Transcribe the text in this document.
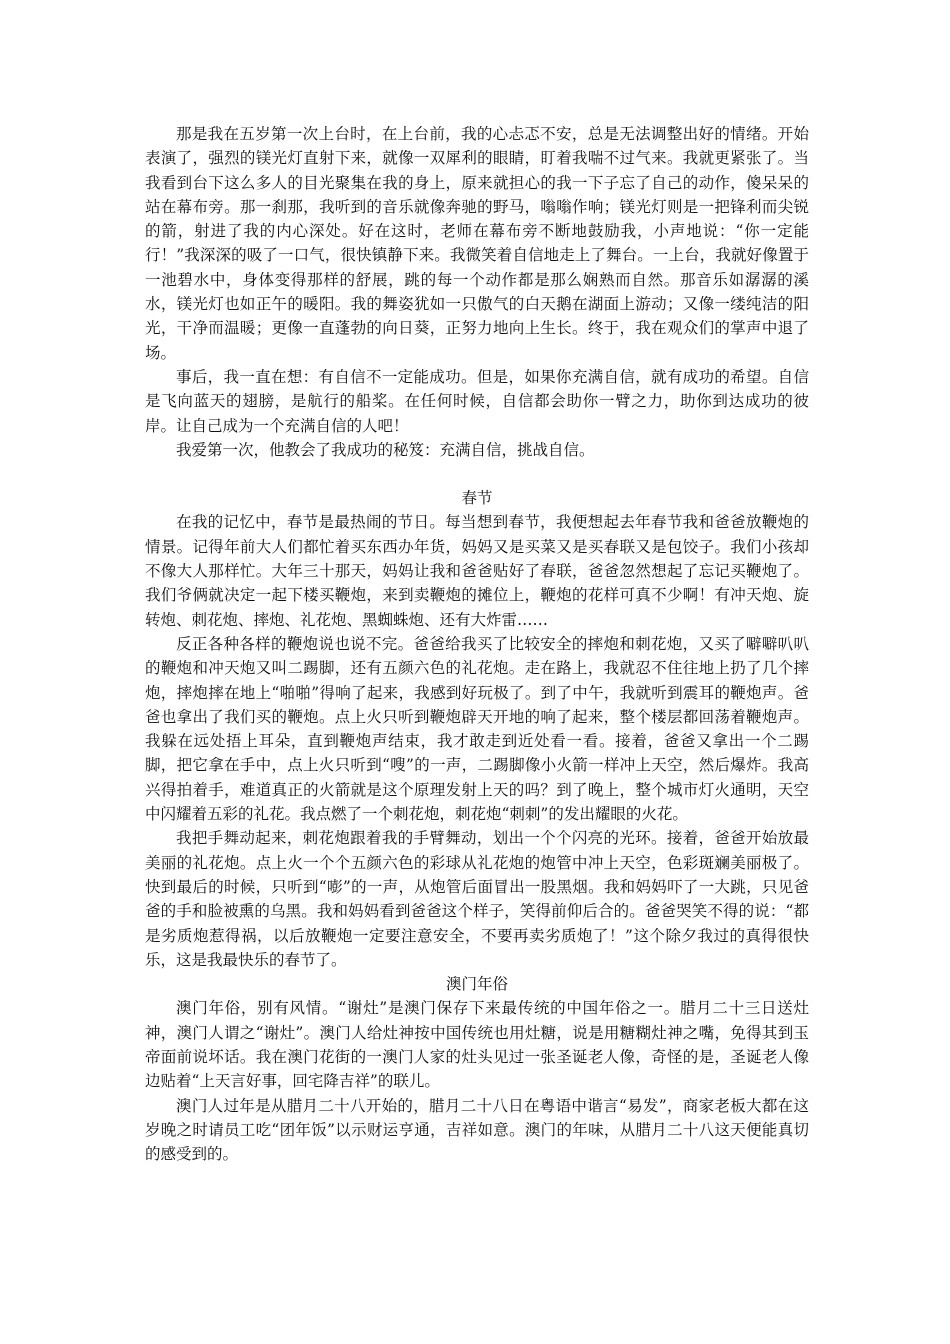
那是我在五岁第一次上台时，在上台前，我的心忐忑不安，总是无法调整出好的情绪。开始表演了，强烈的镁光灯直射下来，就像一双犀利的眼睛，盯着我喘不过气来。我就更紧张了。当我看到台下这么多人的目光聚集在我的身上，原来就担心的我一下子忘了自己的动作，傻呆呆的站在幕布旁。那一刹那，我听到的音乐就像奔驰的野马，嗡嗡作响；镁光灯则是一把锋利而尖锐的箭，射进了我的内心深处。好在这时，老师在幕布旁不断地鼓励我，小声地说：“你一定能行！”我深深的吸了一口气，很快镇静下来。我微笑着自信地走上了舞台。一上台，我就好像置于一池碧水中，身体变得那样的舒展，跳的每一个动作都是那么娴熟而自然。那音乐如潺潺的溪水，镁光灯也如正午的暖阳。我的舞姿犹如一只傲气的白天鹅在湖面上游动；又像一缕纯洁的阳光，干净而温暖；更像一直蓬勃的向日葵，正努力地向上生长。终于，我在观众们的掌声中退了场。

事后，我一直在想：有自信不一定能成功。但是，如果你充满自信，就有成功的希望。自信是飞向蓝天的翅膀，是航行的船桨。在任何时候，自信都会助你一臂之力，助你到达成功的彼岸。让自己成为一个充满自信的人吧！

我爱第一次，他教会了我成功的秘笈：充满自信，挑战自信。

春节

在我的记忆中，春节是最热闹的节日。每当想到春节，我便想起去年春节我和爸爸放鞭炮的情景。记得年前大人们都忙着买东西办年货，妈妈又是买菜又是买春联又是包饺子。我们小孩却不像大人那样忙。大年三十那天，妈妈让我和爸爸贴好了春联，爸爸忽然想起了忘记买鞭炮了。我们爷俩就决定一起下楼买鞭炮，来到卖鞭炮的摊位上，鞭炮的花样可真不少啊！有冲天炮、旋转炮、刺花炮、摔炮、礼花炮、黑蜘蛛炮、还有大炸雷……

反正各种各样的鞭炮说也说不完。爸爸给我买了比较安全的摔炮和刺花炮，又买了噼噼叭叭的鞭炮和冲天炮又叫二踢脚，还有五颜六色的礼花炮。走在路上，我就忍不住往地上扔了几个摔炮，摔炮摔在地上“啪啪”得响了起来，我感到好玩极了。到了中午，我就听到震耳的鞭炮声。爸爸也拿出了我们买的鞭炮。点上火只听到鞭炮辟天开地的响了起来，整个楼层都回荡着鞭炮声。我躲在远处捂上耳朵，直到鞭炮声结束，我才敢走到近处看一看。接着，爸爸又拿出一个二踢脚，把它拿在手中，点上火只听到“嗖”的一声，二踢脚像小火箭一样冲上天空，然后爆炸。我高兴得拍着手，难道真正的火箭就是这个原理发射上天的吗？到了晚上，整个城市灯火通明，天空中闪耀着五彩的礼花。我点燃了一个刺花炮，刺花炮“刺刺”的发出耀眼的火花。

我把手舞动起来，刺花炮跟着我的手臂舞动，划出一个个闪亮的光环。接着，爸爸开始放最美丽的礼花炮。点上火一个个五颜六色的彩球从礼花炮的炮管中冲上天空，色彩斑斓美丽极了。快到最后的时候，只听到“嘭”的一声，从炮管后面冒出一股黑烟。我和妈妈吓了一大跳，只见爸爸的手和脸被熏的乌黑。我和妈妈看到爸爸这个样子，笑得前仰后合的。爸爸哭笑不得的说：“都是劣质炮惹得祸，以后放鞭炮一定要注意安全，不要再卖劣质炮了！”这个除夕我过的真得很快乐，这是我最快乐的春节了。

澳门年俗

澳门年俗，别有风情。“谢灶”是澳门保存下来最传统的中国年俗之一。腊月二十三日送灶神，澳门人谓之“谢灶”。澳门人给灶神按中国传统也用灶糖，说是用糖糊灶神之嘴，免得其到玉帝面前说坏话。我在澳门花街的一澳门人家的灶头见过一张圣诞老人像，奇怪的是，圣诞老人像边贴着“上天言好事，回宅降吉祥”的联儿。

澳门人过年是从腊月二十八开始的，腊月二十八日在粤语中谐言“易发”，商家老板大都在这岁晚之时请员工吃“团年饭”以示财运亨通，吉祥如意。澳门的年味，从腊月二十八这天便能真切的感受到的。
